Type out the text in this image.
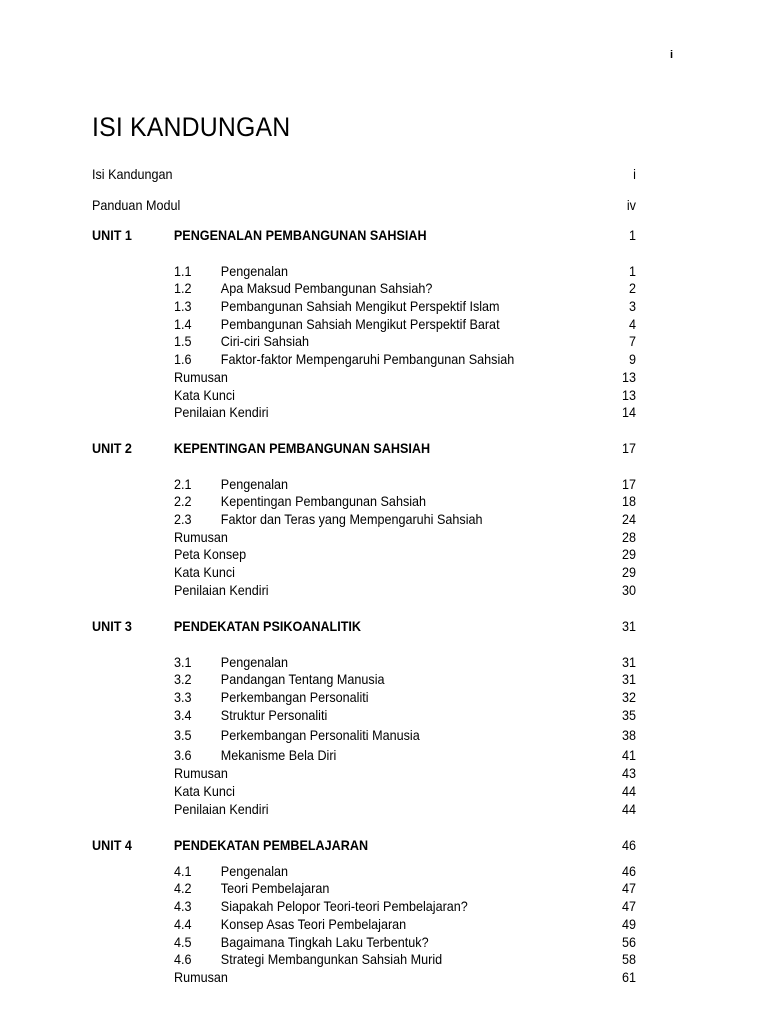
i
ISI KANDUNGAN
Isi Kandungan	i
Panduan Modul	iv
UNIT 1	PENGENALAN PEMBANGUNAN SAHSIAH	1
1.1 Pengenalan	1
1.2 Apa Maksud Pembangunan Sahsiah?	2
1.3 Pembangunan Sahsiah Mengikut Perspektif Islam	3
1.4 Pembangunan Sahsiah Mengikut Perspektif Barat	4
1.5 Ciri-ciri Sahsiah	7
1.6 Faktor-faktor Mempengaruhi Pembangunan Sahsiah	9
Rumusan	13
Kata Kunci	13
Penilaian Kendiri	14
UNIT 2	KEPENTINGAN PEMBANGUNAN SAHSIAH	17
2.1 Pengenalan	17
2.2 Kepentingan Pembangunan Sahsiah	18
2.3 Faktor dan Teras yang Mempengaruhi Sahsiah	24
Rumusan	28
Peta Konsep	29
Kata Kunci	29
Penilaian Kendiri	30
UNIT 3	PENDEKATAN PSIKOANALITIK	31
3.1 Pengenalan	31
3.2 Pandangan Tentang Manusia	31
3.3 Perkembangan Personaliti	32
3.4 Struktur Personaliti	35
3.5 Perkembangan Personaliti Manusia	38
3.6 Mekanisme Bela Diri	41
Rumusan	43
Kata Kunci	44
Penilaian Kendiri	44
UNIT 4	PENDEKATAN PEMBELAJARAN	46
4.1 Pengenalan	46
4.2 Teori Pembelajaran	47
4.3 Siapakah Pelopor Teori-teori Pembelajaran?	47
4.4 Konsep Asas Teori Pembelajaran	49
4.5 Bagaimana Tingkah Laku Terbentuk?	56
4.6 Strategi Membangunkan Sahsiah Murid	58
Rumusan	61
